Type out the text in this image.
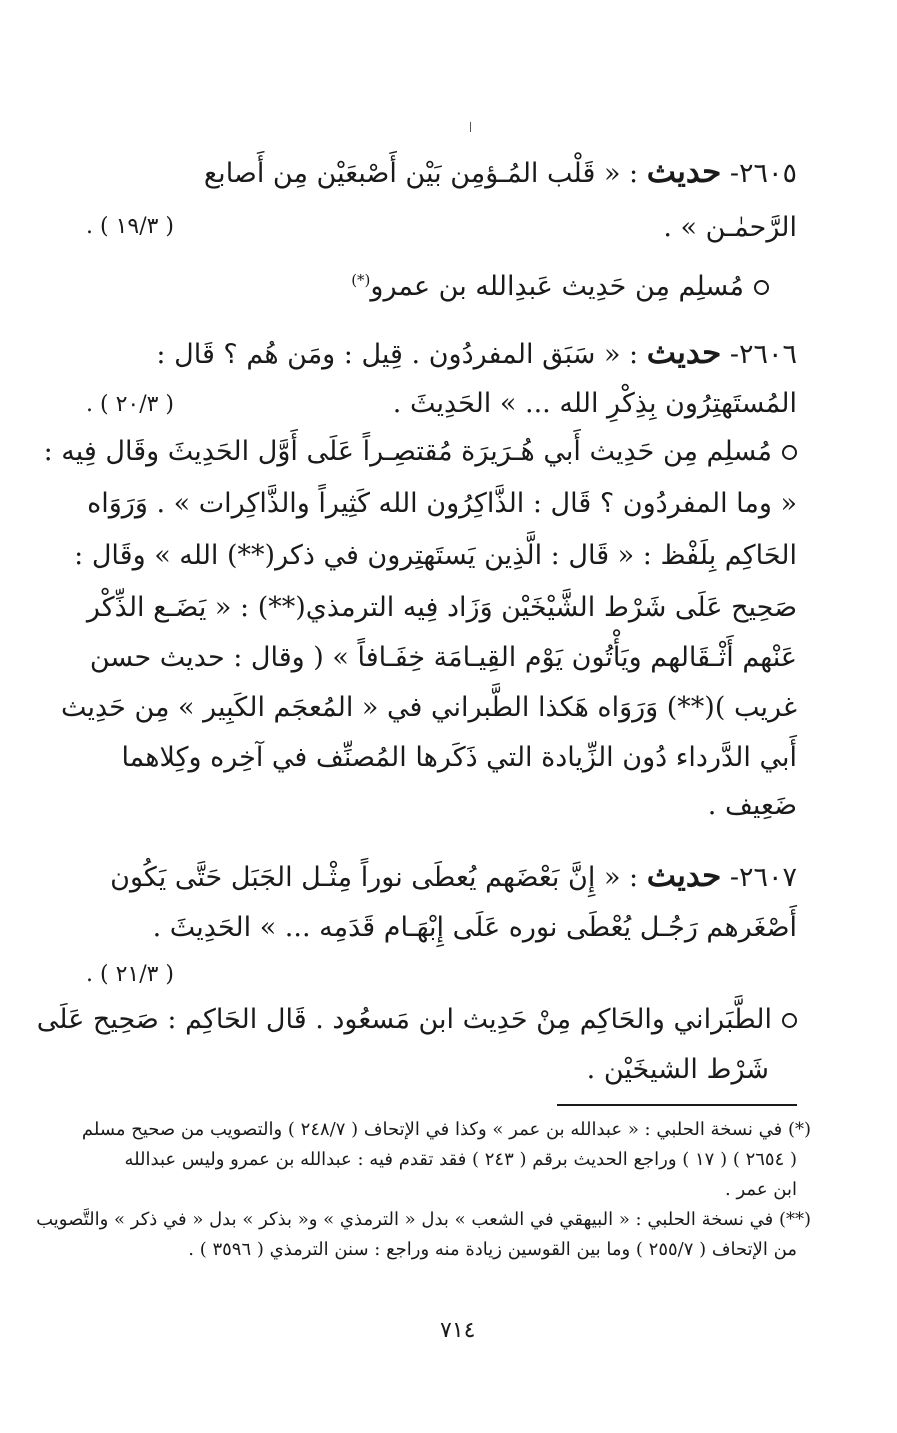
٢٦٠٥- حديث : « قَلْب المُـؤمِن بَيْن أَصْبعَيْن مِن أَصابع
الرَّحمٰـن » .
( ١٩/٣ ) .
مُسلِم مِن حَدِيث عَبدِالله بن عمرو(*)
٢٦٠٦- حديث : « سَبَق المفردُون . قِيل : ومَن هُم ؟ قَال :
المُستَهتِرُون بِذِكْرِ الله ... » الحَدِيثَ .
( ٢٠/٣ ) .
مُسلِم مِن حَدِيث أَبي هُـرَيرَة مُقتصِـراً عَلَى أَوَّل الحَدِيثَ وقَال فِيه :
« وما المفردُون ؟ قَال : الذَّاكِرُون الله كَثِيراً والذَّاكِرات » . وَرَوَاه
الحَاكِم بِلَفْظ : « قَال : الَّذِين يَستَهتِرون في ذكر(**) الله » وقَال :
صَحِيح عَلَى شَرْط الشَّيْخَيْن وَزَاد فِيه الترمذي(**) : « يَضَـع الذِّكْر
عَنْهم أَثْـقَالهم ويَأْتُون يَوْم القِيـامَة خِفَـافاً » ( وقال : حديث حسن
غريب )(**) وَرَوَاه هَكذا الطَّبراني في « المُعجَم الكَبِير » مِن حَدِيث
أَبي الدَّرداء دُون الزِّيادة التي ذَكَرها المُصنِّف في آخِره وكِلاهما
ضَعِيف .
٢٦٠٧- حديث : « إِنَّ بَعْضَهم يُعطَى نوراً مِثْـل الجَبَل حَتَّى يَكُون
أَصْغَرهم رَجُـل يُعْطَى نوره عَلَى إِبْهَـام قَدَمِه ... » الحَدِيثَ .
( ٢١/٣ ) .
الطَّبَراني والحَاكِم مِنْ حَدِيث ابن مَسعُود . قَال الحَاكِم : صَحِيح عَلَى
شَرْط الشيخَيْن .
(*) في نسخة الحلبي : « عبدالله بن عمر » وكذا في الإتحاف ( ٢٤٨/٧ ) والتصويب من صحيح مسلم
( ٢٦٥٤ ) ( ١٧ ) وراجع الحديث برقم ( ٢٤٣ ) فقد تقدم فيه : عبدالله بن عمرو وليس عبدالله
ابن عمر .
(**) في نسخة الحلبي : « البيهقي في الشعب » بدل « الترمذي » و« بذكر » بدل « في ذكر » والتَّصويب
من الإتحاف ( ٢٥٥/٧ ) وما بين القوسين زيادة منه وراجع : سنن الترمذي ( ٣٥٩٦ ) .
٧١٤
